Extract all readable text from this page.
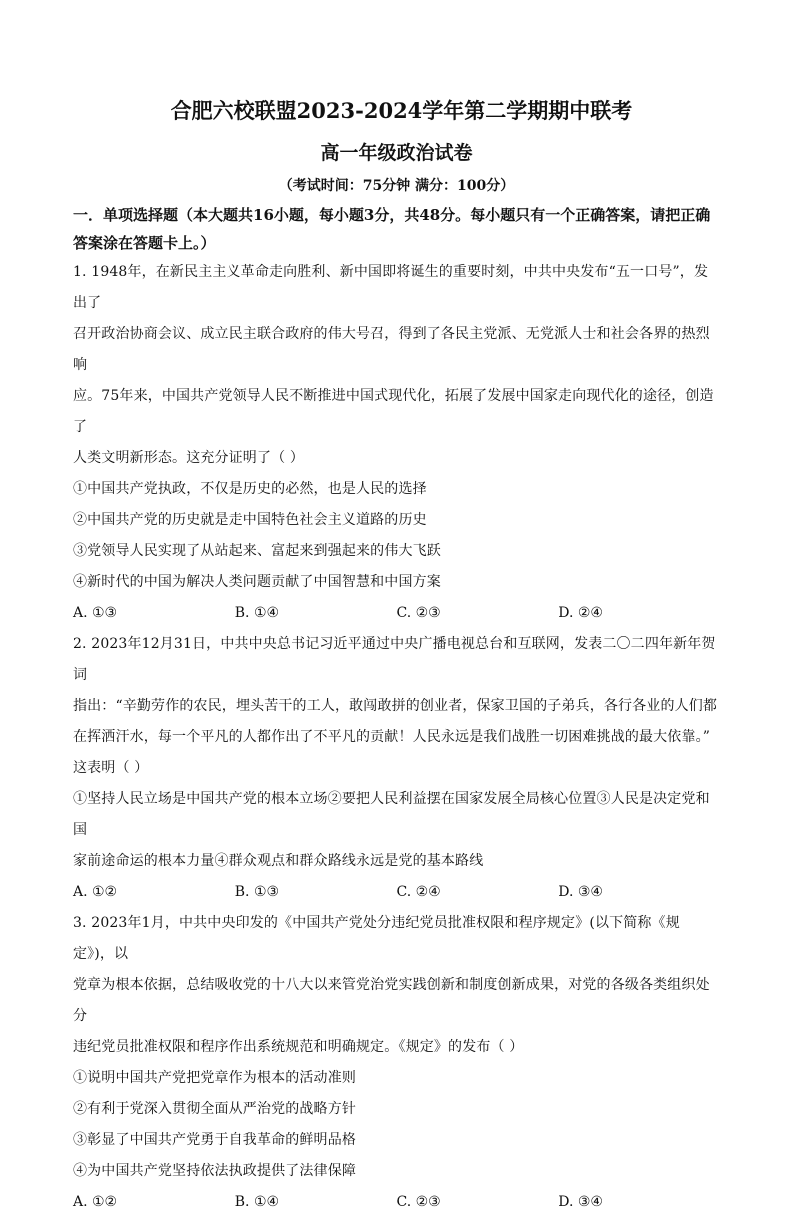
合肥六校联盟2023-2024学年第二学期期中联考
高一年级政治试卷
（考试时间：75分钟 满分：100分）
一．单项选择题（本大题共16小题，每小题3分，共48分。每小题只有一个正确答案，请把正确答案涂在答题卡上。）
1. 1948年，在新民主主义革命走向胜利、新中国即将诞生的重要时刻，中共中央发布“五一口号”，发出了
召开政治协商会议、成立民主联合政府的伟大号召，得到了各民主党派、无党派人士和社会各界的热烈响
应。75年来，中国共产党领导人民不断推进中国式现代化，拓展了发展中国家走向现代化的途径，创造了
人类文明新形态。这充分证明了（ ）
①中国共产党执政，不仅是历史的必然，也是人民的选择
②中国共产党的历史就是走中国特色社会主义道路的历史
③党领导人民实现了从站起来、富起来到强起来的伟大飞跃
④新时代的中国为解决人类问题贡献了中国智慧和中国方案
A. ①③	B. ①④	C. ②③	D. ②④
2. 2023年12月31日，中共中央总书记习近平通过中央广播电视总台和互联网，发表二〇二四年新年贺词
指出：“辛勤劳作的农民，埋头苦干的工人，敢闯敢拼的创业者，保家卫国的子弟兵，各行各业的人们都
在挥洒汗水，每一个平凡的人都作出了不平凡的贡献！人民永远是我们战胜一切困难挑战的最大依靠。”
这表明（ ）
①坚持人民立场是中国共产党的根本立场②要把人民利益摆在国家发展全局核心位置③人民是决定党和国
家前途命运的根本力量④群众观点和群众路线永远是党的基本路线
A. ①②	B. ①③	C. ②④	D. ③④
3. 2023年1月，中共中央印发的《中国共产党处分违纪党员批准权限和程序规定》(以下简称《规定》)，以
党章为根本依据，总结吸收党的十八大以来管党治党实践创新和制度创新成果，对党的各级各类组织处分
违纪党员批准权限和程序作出系统规范和明确规定。《规定》的发布（ ）
①说明中国共产党把党章作为根本的活动准则
②有利于党深入贯彻全面从严治党的战略方针
③彰显了中国共产党勇于自我革命的鲜明品格
④为中国共产党坚持依法执政提供了法律保障
A. ①②	B. ①④	C. ②③	D. ③④
